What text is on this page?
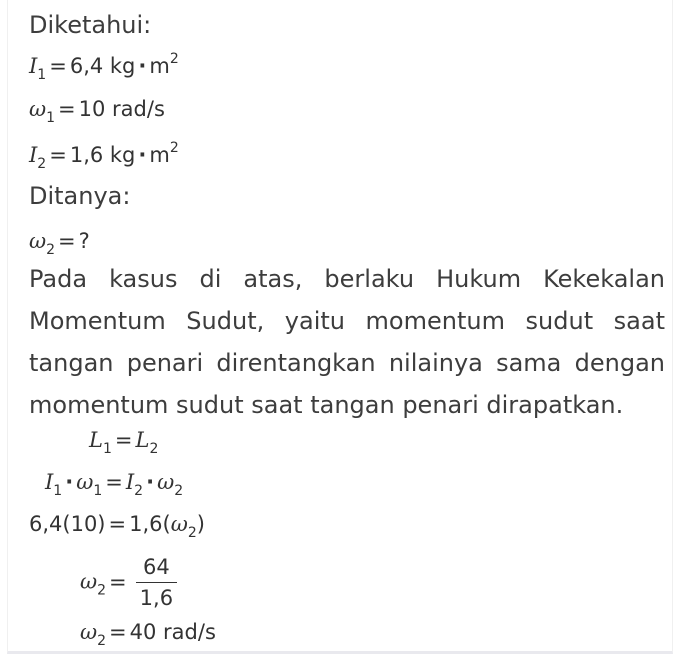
Diketahui:
$I_1 = 6,4$ kg · $m^2$
$\omega_1 = 10$ rad/s
$I_2 = 1,6$ kg · $m^2$
Ditanya:
$\omega_2$ = ?
Pada kasus di atas, berlaku Hukum Kekekalan
Momentum Sudut, yaitu momentum sudut saat
tangan penari direntangkan nilainya sama dengan
momentum sudut saat tangan penari dirapatkan.
$L_1 = L_2$
$I_1 \cdot \omega_1 = I_2 \cdot \omega_2$
$6,4(10) = 1,6(\omega_2)$
$\omega_2 = \frac{64}{1,6}$
$\omega_2 = 40$ rad/s
